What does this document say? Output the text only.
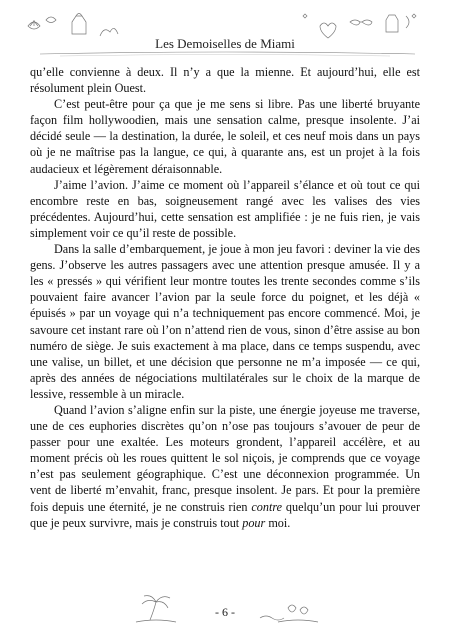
Les Demoiselles de Miami

qu’elle convienne à deux. Il n’y a que la mienne. Et aujourd’hui, elle est résolument plein Ouest.

C’est peut-être pour ça que je me sens si libre. Pas une liberté bruyante façon film hollywoodien, mais une sensation calme, presque insolente. J’ai décidé seule — la destination, la durée, le soleil, et ces neuf mois dans un pays où je ne maîtrise pas la langue, ce qui, à quarante ans, est un projet à la fois audacieux et légèrement déraisonnable.

J’aime l’avion. J’aime ce moment où l’appareil s’élance et où tout ce qui encombre reste en bas, soigneusement rangé avec les valises des vies précédentes. Aujourd’hui, cette sensation est amplifiée : je ne fuis rien, je vais simplement voir ce qu’il reste de possible.

Dans la salle d’embarquement, je joue à mon jeu favori : deviner la vie des gens. J’observe les autres passagers avec une attention presque amusée. Il y a les « pressés » qui vérifient leur montre toutes les trente secondes comme s’ils pouvaient faire avancer l’avion par la seule force du poignet, et les déjà « épuisés » par un voyage qui n’a techniquement pas encore commencé. Moi, je savoure cet instant rare où l’on n’attend rien de vous, sinon d’être assise au bon numéro de siège. Je suis exactement à ma place, dans ce temps suspendu, avec une valise, un billet, et une décision que personne ne m’a imposée — ce qui, après des années de négociations multilatérales sur le choix de la marque de lessive, ressemble à un miracle.

Quand l’avion s’aligne enfin sur la piste, une énergie joyeuse me traverse, une de ces euphories discrètes qu’on n’ose pas toujours s’avouer de peur de passer pour une exaltée. Les moteurs grondent, l’appareil accélère, et au moment précis où les roues quittent le sol niçois, je comprends que ce voyage n’est pas seulement géographique. C’est une déconnexion programmée. Un vent de liberté m’envahit, franc, presque insolent. Je pars. Et pour la première fois depuis une éternité, je ne construis rien contre quelqu’un pour lui prouver que je peux survivre, mais je construis tout pour moi.

- 6 -
